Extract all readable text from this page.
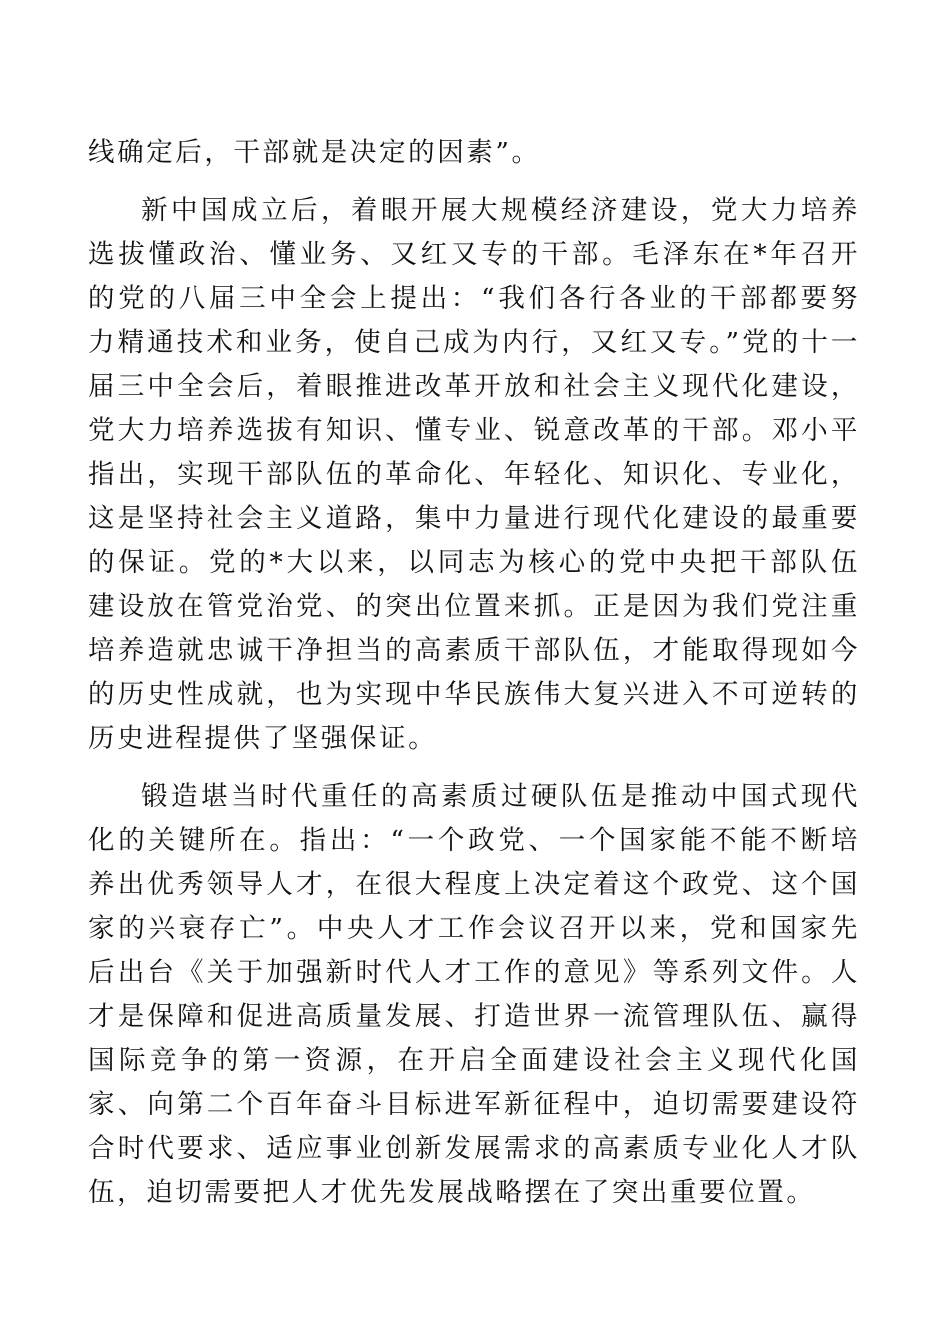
线确定后，干部就是决定的因素”。

新中国成立后，着眼开展大规模经济建设，党大力培养选拔懂政治、懂业务、又红又专的干部。毛泽东在*年召开的党的八届三中全会上提出：“我们各行各业的干部都要努力精通技术和业务，使自己成为内行，又红又专。”党的十一届三中全会后，着眼推进改革开放和社会主义现代化建设，党大力培养选拔有知识、懂专业、锐意改革的干部。邓小平指出，实现干部队伍的革命化、年轻化、知识化、专业化，这是坚持社会主义道路，集中力量进行现代化建设的最重要的保证。党的*大以来，以同志为核心的党中央把干部队伍建设放在管党治党、的突出位置来抓。正是因为我们党注重培养造就忠诚干净担当的高素质干部队伍，才能取得现如今的历史性成就，也为实现中华民族伟大复兴进入不可逆转的历史进程提供了坚强保证。

锻造堪当时代重任的高素质过硬队伍是推动中国式现代化的关键所在。指出：“一个政党、一个国家能不能不断培养出优秀领导人才，在很大程度上决定着这个政党、这个国家的兴衰存亡”。中央人才工作会议召开以来，党和国家先后出台《关于加强新时代人才工作的意见》等系列文件。人才是保障和促进高质量发展、打造世界一流管理队伍、赢得国际竞争的第一资源，在开启全面建设社会主义现代化国家、向第二个百年奋斗目标进军新征程中，迫切需要建设符合时代要求、适应事业创新发展需求的高素质专业化人才队伍，迫切需要把人才优先发展战略摆在了突出重要位置。
